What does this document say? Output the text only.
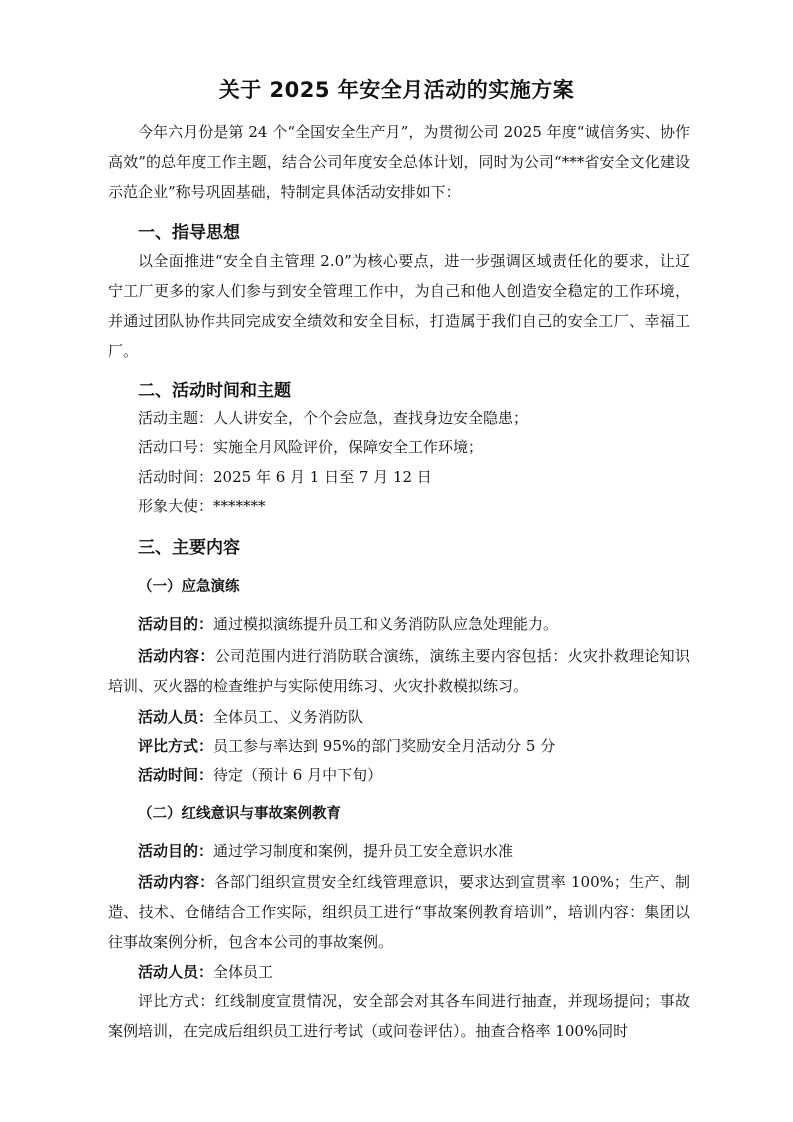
关于 2025 年安全月活动的实施方案
今年六月份是第 24 个“全国安全生产月”，为贯彻公司 2025 年度“诚信务实、协作高效”的总年度工作主题，结合公司年度安全总体计划，同时为公司“***省安全文化建设示范企业”称号巩固基础，特制定具体活动安排如下：
一、指导思想
以全面推进“安全自主管理 2.0”为核心要点，进一步强调区域责任化的要求，让辽宁工厂更多的家人们参与到安全管理工作中，为自己和他人创造安全稳定的工作环境，并通过团队协作共同完成安全绩效和安全目标，打造属于我们自己的安全工厂、幸福工厂。
二、活动时间和主题
活动主题：人人讲安全，个个会应急，查找身边安全隐患；
活动口号：实施全月风险评价，保障安全工作环境；
活动时间：2025 年 6 月 1 日至 7 月 12 日
形象大使：*******
三、主要内容
（一）应急演练
活动目的：通过模拟演练提升员工和义务消防队应急处理能力。
活动内容：公司范围内进行消防联合演练，演练主要内容包括：火灾扑救理论知识培训、灭火器的检查维护与实际使用练习、火灾扑救模拟练习。
活动人员：全体员工、义务消防队
评比方式：员工参与率达到 95%的部门奖励安全月活动分 5 分
活动时间：待定（预计 6 月中下旬）
（二）红线意识与事故案例教育
活动目的：通过学习制度和案例，提升员工安全意识水准
活动内容：各部门组织宣贯安全红线管理意识，要求达到宣贯率 100%；生产、制造、技术、仓储结合工作实际，组织员工进行“事故案例教育培训”，培训内容：集团以往事故案例分析，包含本公司的事故案例。
活动人员：全体员工
评比方式：红线制度宣贯情况，安全部会对其各车间进行抽查，并现场提问；事故案例培训，在完成后组织员工进行考试（或问卷评估）。抽查合格率 100%同时
